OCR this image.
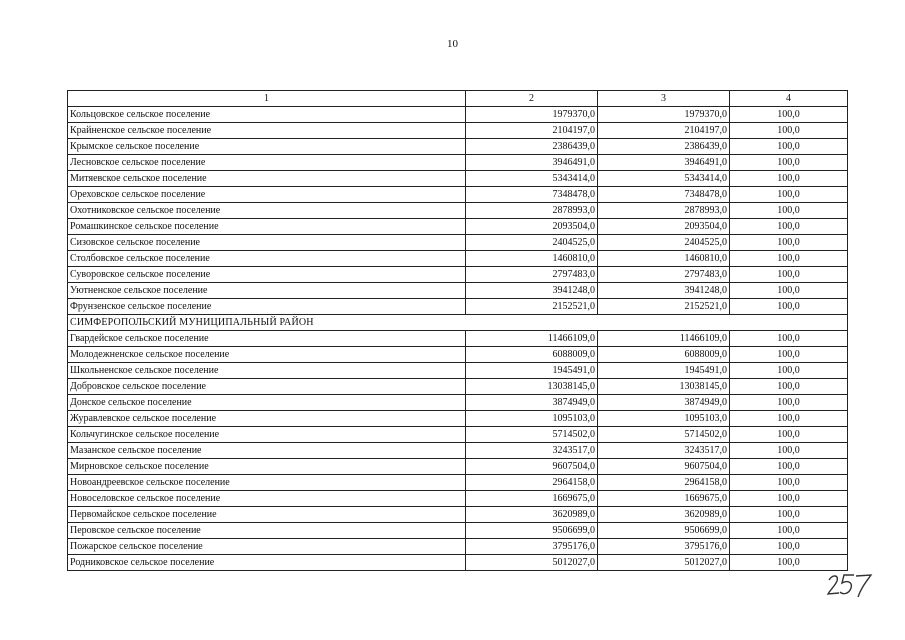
10
1	2	3	4
Кольцовское сельское поселение	1979370,0	1979370,0	100,0
Крайненское сельское поселение	2104197,0	2104197,0	100,0
Крымское сельское поселение	2386439,0	2386439,0	100,0
Лесновское сельское поселение	3946491,0	3946491,0	100,0
Митяевское сельское поселение	5343414,0	5343414,0	100,0
Ореховское сельское поселение	7348478,0	7348478,0	100,0
Охотниковское сельское поселение	2878993,0	2878993,0	100,0
Ромашкинское сельское поселение	2093504,0	2093504,0	100,0
Сизовское сельское поселение	2404525,0	2404525,0	100,0
Столбовское сельское поселение	1460810,0	1460810,0	100,0
Суворовское сельское поселение	2797483,0	2797483,0	100,0
Уютненское сельское поселение	3941248,0	3941248,0	100,0
Фрунзенское сельское поселение	2152521,0	2152521,0	100,0
СИМФЕРОПОЛЬСКИЙ МУНИЦИПАЛЬНЫЙ РАЙОН			
Гвардейское сельское поселение	11466109,0	11466109,0	100,0
Молодежненское сельское поселение	6088009,0	6088009,0	100,0
Школьненское сельское поселение	1945491,0	1945491,0	100,0
Добровское сельское поселение	13038145,0	13038145,0	100,0
Донское сельское поселение	3874949,0	3874949,0	100,0
Журавлевское сельское поселение	1095103,0	1095103,0	100,0
Кольчугинское сельское поселение	5714502,0	5714502,0	100,0
Мазанское сельское поселение	3243517,0	3243517,0	100,0
Мирновское сельское поселение	9607504,0	9607504,0	100,0
Новоандреевское сельское поселение	2964158,0	2964158,0	100,0
Новоселовское сельское поселение	1669675,0	1669675,0	100,0
Первомайское сельское поселение	3620989,0	3620989,0	100,0
Перовское сельское поселение	9506699,0	9506699,0	100,0
Пожарское сельское поселение	3795176,0	3795176,0	100,0
Родниковское сельское поселение	5012027,0	5012027,0	100,0
